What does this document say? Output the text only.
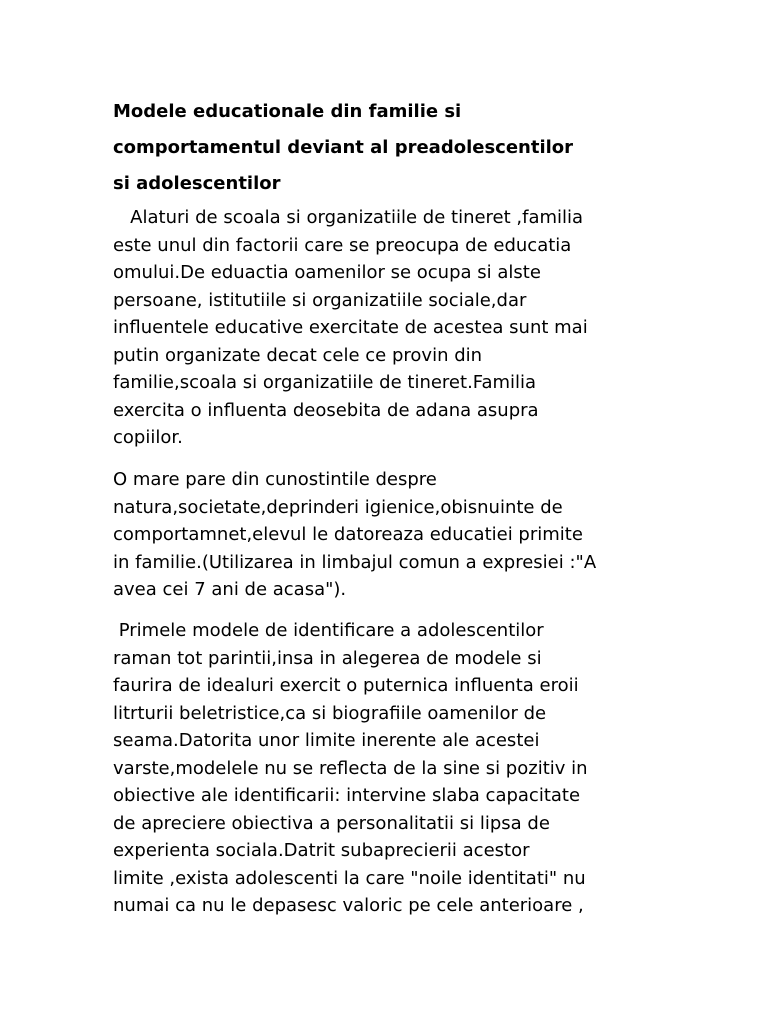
Modele educationale din familie si
comportamentul deviant al preadolescentilor
si adolescentilor
Alaturi de scoala si organizatiile de tineret ,familia
este unul din factorii care se preocupa de educatia
omului.De eduactia oamenilor se ocupa si alste
persoane, istitutiile si organizatiile sociale,dar
influentele educative exercitate de acestea sunt mai
putin organizate decat cele ce provin din
familie,scoala si organizatiile de tineret.Familia
exercita o influenta deosebita de adana asupra
copiilor.
O mare pare din cunostintile despre
natura,societate,deprinderi igienice,obisnuinte de
comportamnet,elevul le datoreaza educatiei primite
in familie.(Utilizarea in limbajul comun a expresiei :"A
avea cei 7 ani de acasa").
Primele modele de identificare a adolescentilor
raman tot parintii,insa in alegerea de modele si
faurira de idealuri exercit o puternica influenta eroii
litrturii beletristice,ca si biografiile oamenilor de
seama.Datorita unor limite inerente ale acestei
varste,modelele nu se reflecta de la sine si pozitiv in
obiective ale identificarii: intervine slaba capacitate
de apreciere obiectiva a personalitatii si lipsa de
experienta sociala.Datrit subaprecierii acestor
limite ,exista adolescenti la care "noile identitati" nu
numai ca nu le depasesc valoric pe cele anterioare ,
